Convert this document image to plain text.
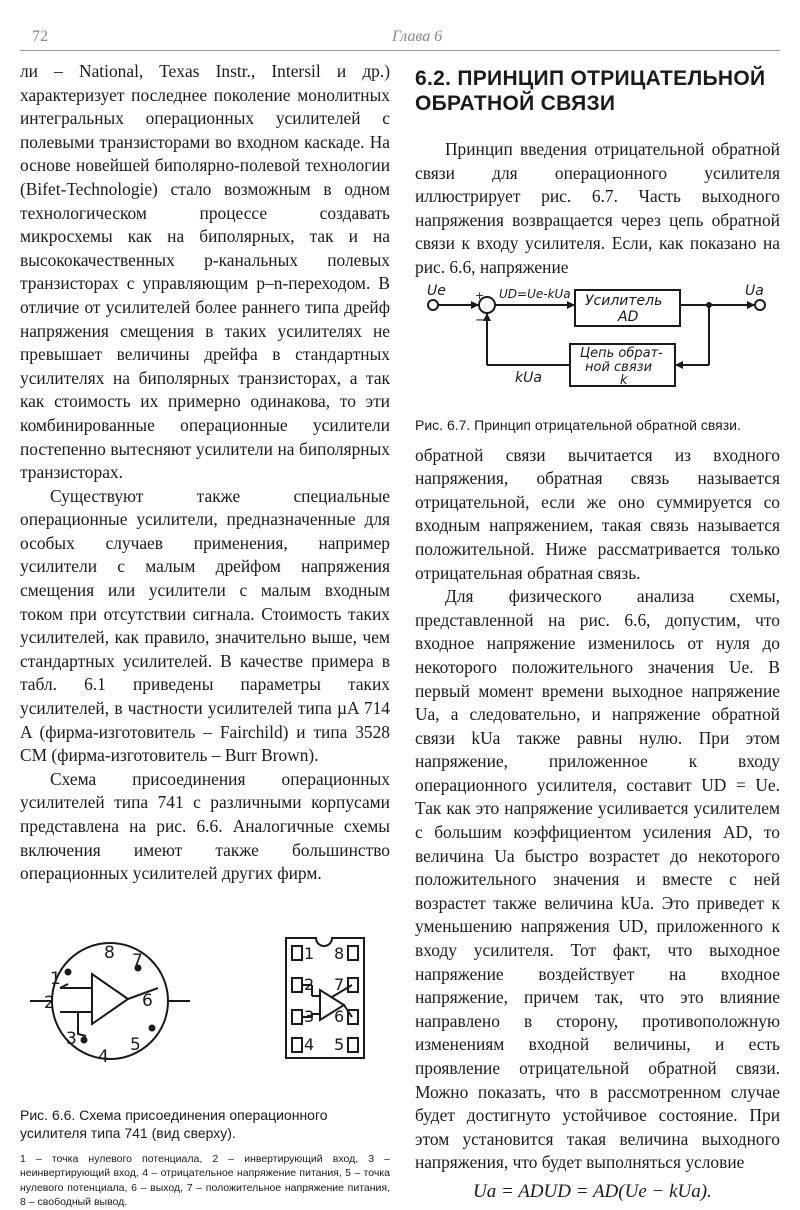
72	Глава 6

ли – National, Texas Instr., Intersil и др.) характеризует последнее поколение монолитных интегральных операционных усилителей с полевыми транзисторами во входном каскаде. На основе новейшей биполярно-полевой технологии (Bifet-Technologie) стало возможным в одном технологическом процессе создавать микросхемы как на биполярных, так и на высококачественных p-канальных полевых транзисторах с управляющим p–n-переходом. В отличие от усилителей более раннего типа дрейф напряжения смещения в таких усилителях не превышает величины дрейфа в стандартных усилителях на биполярных транзисторах, а так как стоимость их примерно одинакова, то эти комбинированные операционные усилители постепенно вытесняют усилители на биполярных транзисторах.

Существуют также специальные операционные усилители, предназначенные для особых случаев применения, например усилители с малым дрейфом напряжения смещения или усилители с малым входным током при отсутствии сигнала. Стоимость таких усилителей, как правило, значительно выше, чем стандартных усилителей. В качестве примера в табл. 6.1 приведены параметры таких усилителей, в частности усилителей типа µA 714 A (фирма-изготовитель – Fairchild) и типа 3528 CM (фирма-изготовитель – Burr Brown).

Схема присоединения операционных усилителей типа 741 с различными корпусами представлена на рис. 6.6. Аналогичные схемы включения имеют также большинство операционных усилителей других фирм.

1
2
3
4
5
6
7
8	1
2
3
4 5
6
7
8

Рис. 6.6. Схема присоединения операционного усилителя типа 741 (вид сверху).

1 – точка нулевого потенциала, 2 – инвертирующий вход, 3 – неинвертирующий вход, 4 – отрицательное напряжение питания, 5 – точка нулевого потенциала, 6 – выход, 7 – положительное напряжение питания, 8 – свободный вывод.

6.2. ПРИНЦИП ОТРИЦАТЕЛЬНОЙ ОБРАТНОЙ СВЯЗИ

Принцип введения отрицательной обратной связи для операционного усилителя иллюстрирует рис. 6.7. Часть выходного напряжения возвращается через цепь обратной связи к входу усилителя. Если, как показано на рис. 6.6, напряжение

Ue	Ua
UD=Ue-kUa
+
−
Усилитель
AD
Цепь обрат-
ной связи
k
kUa

Рис. 6.7. Принцип отрицательной обратной связи.

обратной связи вычитается из входного напряжения, обратная связь называется отрицательной, если же оно суммируется со входным напряжением, такая связь называется положительной. Ниже рассматривается только отрицательная обратная связь.

Для физического анализа схемы, представленной на рис. 6.6, допустим, что входное напряжение изменилось от нуля до некоторого положительного значения Ue. В первый момент времени выходное напряжение Ua, а следовательно, и напряжение обратной связи kUa также равны нулю. При этом напряжение, приложенное к входу операционного усилителя, составит UD = Ue. Так как это напряжение усиливается усилителем с большим коэффициентом усиления AD, то величина Ua быстро возрастет до некоторого положительного значения и вместе с ней возрастет также величина kUa. Это приведет к уменьшению напряжения UD, приложенного к входу усилителя. Тот факт, что выходное напряжение воздействует на входное напряжение, причем так, что это влияние направлено в сторону, противоположную изменениям входной величины, и есть проявление отрицательной обратной связи. Можно показать, что в рассмотренном случае будет достигнуто устойчивое состояние. При этом установится такая величина выходного напряжения, что будет выполняться условие

Ua = ADUD = AD(Ue − kUa).
